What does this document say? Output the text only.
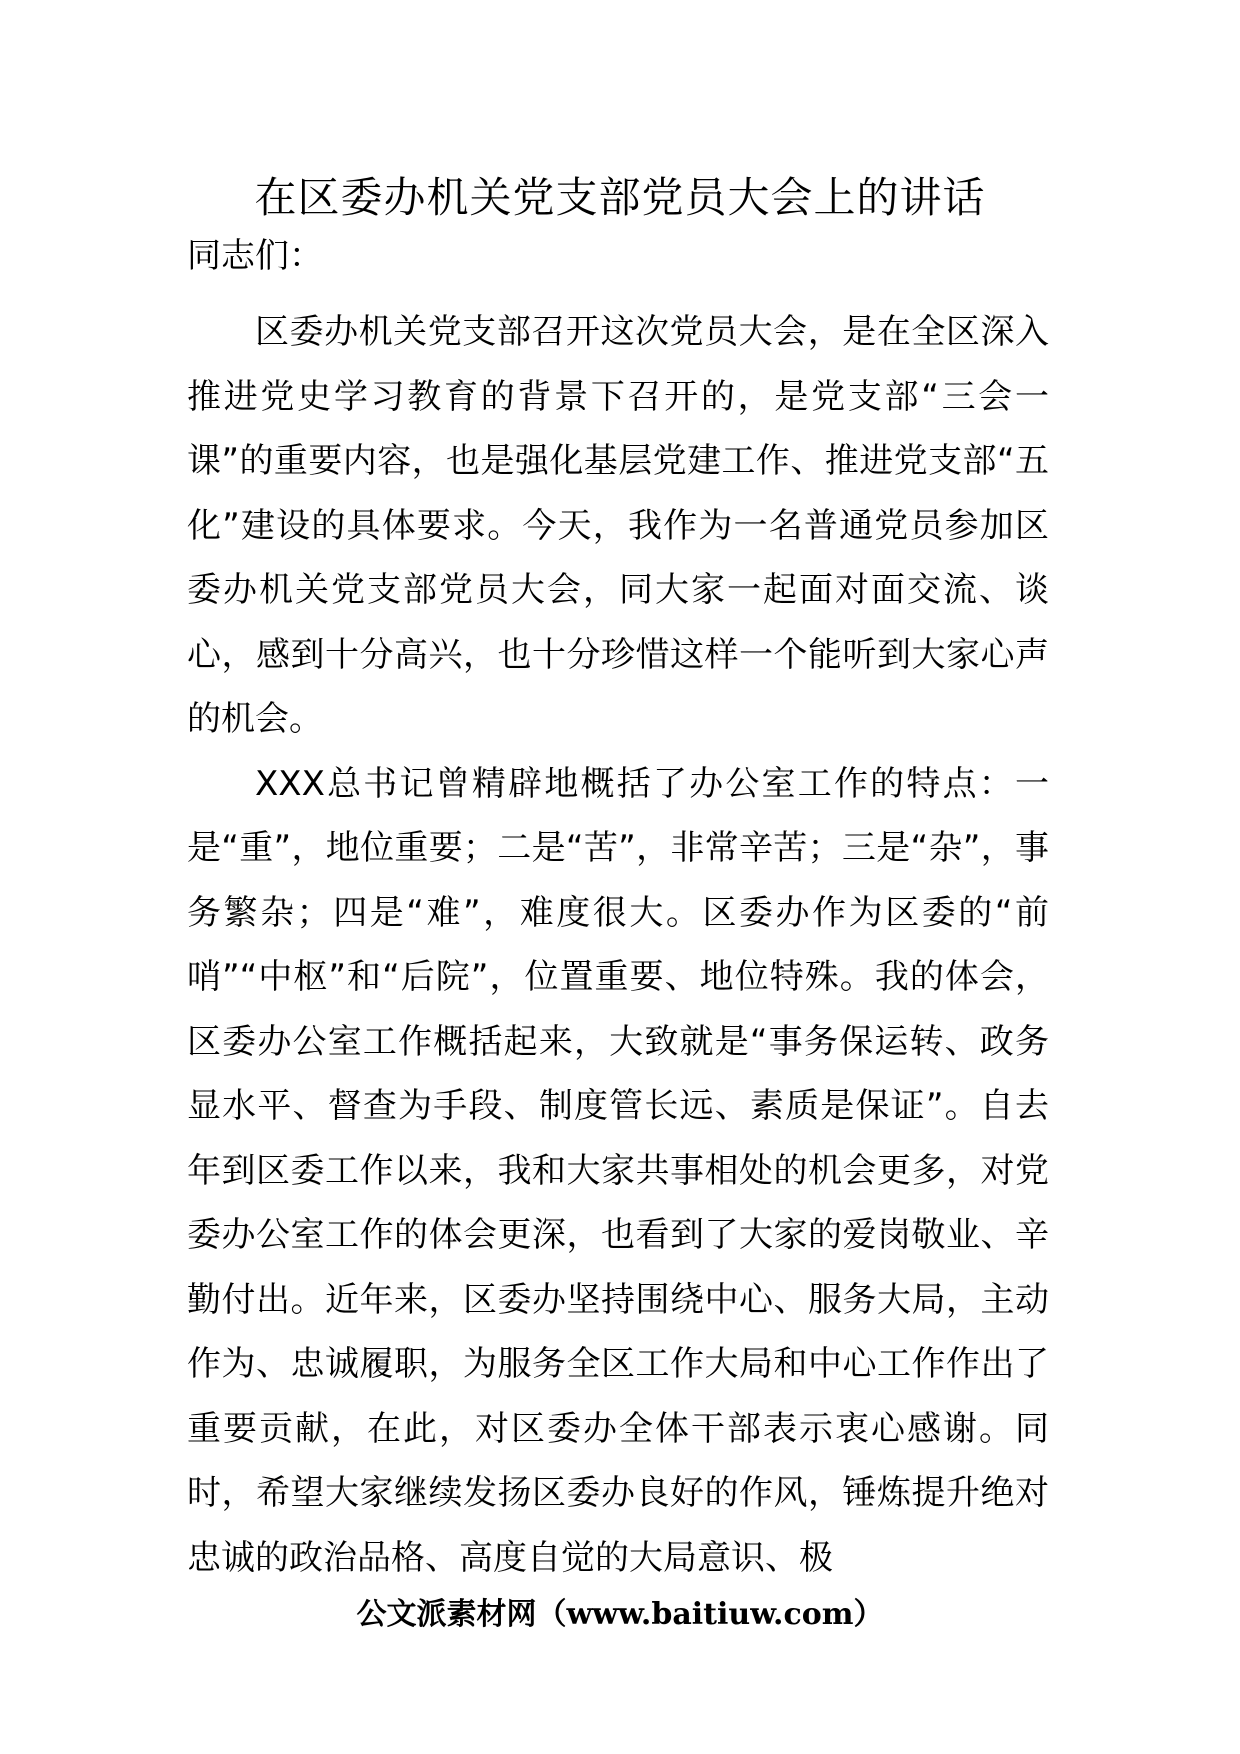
在区委办机关党支部党员大会上的讲话
同志们：

区委办机关党支部召开这次党员大会，是在全区深入推进党史学习教育的背景下召开的，是党支部“三会一课”的重要内容，也是强化基层党建工作、推进党支部“五化”建设的具体要求。今天，我作为一名普通党员参加区委办机关党支部党员大会，同大家一起面对面交流、谈心，感到十分高兴，也十分珍惜这样一个能听到大家心声的机会。

XXX总书记曾精辟地概括了办公室工作的特点：一是“重”，地位重要；二是“苦”，非常辛苦；三是“杂”，事务繁杂；四是“难”，难度很大。区委办作为区委的“前哨”“中枢”和“后院”，位置重要、地位特殊。我的体会，区委办公室工作概括起来，大致就是“事务保运转、政务显水平、督查为手段、制度管长远、素质是保证”。自去年到区委工作以来，我和大家共事相处的机会更多，对党委办公室工作的体会更深，也看到了大家的爱岗敬业、辛勤付出。近年来，区委办坚持围绕中心、服务大局，主动作为、忠诚履职，为服务全区工作大局和中心工作作出了重要贡献，在此，对区委办全体干部表示衷心感谢。同时，希望大家继续发扬区委办良好的作风，锤炼提升绝对忠诚的政治品格、高度自觉的大局意识、极

公文派素材网（www.baitiuw.com）
